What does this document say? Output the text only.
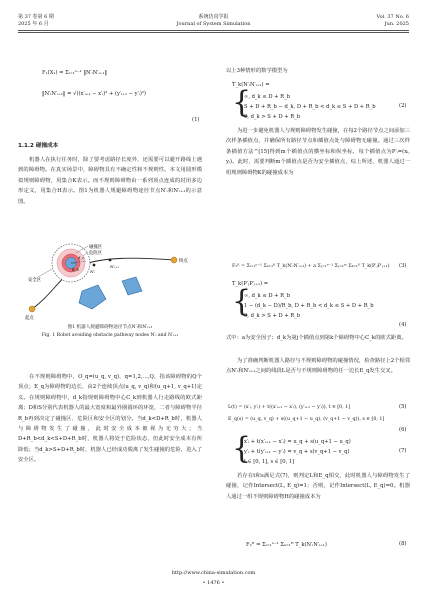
第 37 卷第 6 期
2025 年 6 月
系统仿真学报
Journal of System Simulation
Vol. 37 No. 6
Jun. 2025
F₁(X₁) = Σᵢ₌₁ⁿ⁻¹ ‖N′ᵢN′ᵢ₊₁‖
‖N′ᵢN′ᵢ₊₁‖ = √((x′ᵢ₊₁ − x′ᵢ)² + (y′ᵢ₊₁ − y′ᵢ)²)
(1)
1.1.2 碰撞成本

机器人在执行任务时，除了要考虑路径长度外，还需要可以避开路线上遇到的障碍物。在真实场景中，障碍物具有不确定性和不规则性。本文用圆形模拟规则障碍物，用集合K表示。而不规则障碍物由一系列顶点连成的封闭多边形定义，用集合H表示。图1为机器人规避障碍物途径节点N′ᵢ和N′ᵢ₊₁的示意图。

碰撞区
危险区
安全区
终点
起点
R_b
d_z
N′ᵢ
N′ᵢ₊₁
图1 机器人规避障碍物途径节点N′ᵢ和N′ᵢ₊₁
Fig. 1 Robot avoiding obstacle pathway nodes N′ᵢ and N′ᵢ₊₁

在不规则障碍物中，O_q=(u_q, v_q)，q=1,2,…,Q，指该障碍物的Q个顶点；E_q为障碍物的边长，由2个连续顶点(u_q, v_q)和(u_q+1, v_q+1)定义。在规则障碍物中，d_k指规则障碍物中心C_k到机器人行走路线的欧式距离；D和S分别代表机器人的最大宽度和最外圈圆环的环宽，二者与障碍物半径R_b再到决定了碰撞区、危险区和安全区的划分。当d_k<D+R_b时，机器人与障碍物发生了碰撞，此时安全成本被视为无穷大；当D+R_b<d_k<S+D+R_b时，机器人将处于危险状态，但此时安全成本有所降低；当d_k>S+D+R_b时，机器人已经成功脱离了发生碰撞的危险，进入了安全区。

以上3种情形的数学模型为
T_k(N′ᵢN′ᵢ₊₁) =
{
∞, d_k ≤ D + R_b
S + D + R_b − d_k, D + R_b < d_k ≤ S + D + R_b
0, d_k > S + D + R_b
(2)

为进一步避免机器人与规则障碍物发生碰撞，在每2个路径节点之间添加三次样条插值点，并确保所有路径节点和插值点处与障碍物无碰撞。通过三次样条插值方法^[15]得到m个插值点的横坐标和纵坐标，每个插值点为P′ᵢ=(xᵢ, yᵢ)。此时，需要判断m个插值点是否为安全插值点，综上所述，机器人通过一组规则障碍物K的碰撞成本为

F₂ᴷ = Σᵢ₌₁ⁿ⁻¹ Σₖ₌₁ᴷ T_k(N′ᵢN′ᵢ₊₁) + a Σⱼ₌₁ⁿ⁻¹ Σⱼ₌₁ᵐ Σₖ₌₁ᴷ T_k(P′ⱼP′ⱼ₊₁) (3)
T_k(P′ⱼP′ⱼ₊₁) =
{
∞, d_k ≤ D + R_b
1 − (d_k − D)/R_b, D + R_b < d_k ≤ S + D + R_b
0, d_k > S + D + R_b
(4)
式中：a为安全因子；d_k为第j个插值点到第k个障碍物中心C_k的欧式距离。

为了准确判断机器人路径与不规则障碍物的碰撞情况，检查路径上2个相邻点N′ᵢ和N′ᵢ₊₁之间的线段L是否与不规则障碍物的任一边长E_q发生交叉。

L(t) = (x′ᵢ, y′ᵢ) + t((x′ᵢ₊₁ − x′ᵢ), (y′ᵢ₊₁ − y′ᵢ)), t ∈ [0, 1]	(5)
E_q(s) = (u_q, v_q) + s((u_q+1 − u_q), (v_q+1 − v_q)), s ∈ [0, 1]
(6)
{
x′ᵢ + t(x′ᵢ₊₁ − x′ᵢ) = u_q + s(u_q+1 − u_q)
y′ᵢ + t(y′ᵢ₊₁ − y′ᵢ) = v_q + s(v_q+1 − v_q)
t ∈ [0, 1], s ∈ [0, 1]
(7)

若存在t和s满足式(7)，则判定L和E_q相交，此时机器人与障碍物发生了碰撞，记作Intersect(L, E_q)=1；否则，记作Intersect(L, E_q)=0。机器人通过一组不规则障碍物H的碰撞成本为

F₂ᴴ = Σᵢ₌₁ⁿ⁻¹ Σₖ₌₁ᴴ T_k(N′ᵢN′ᵢ₊₁)	(8)
http://www.china-simulation.com
• 1476 •
